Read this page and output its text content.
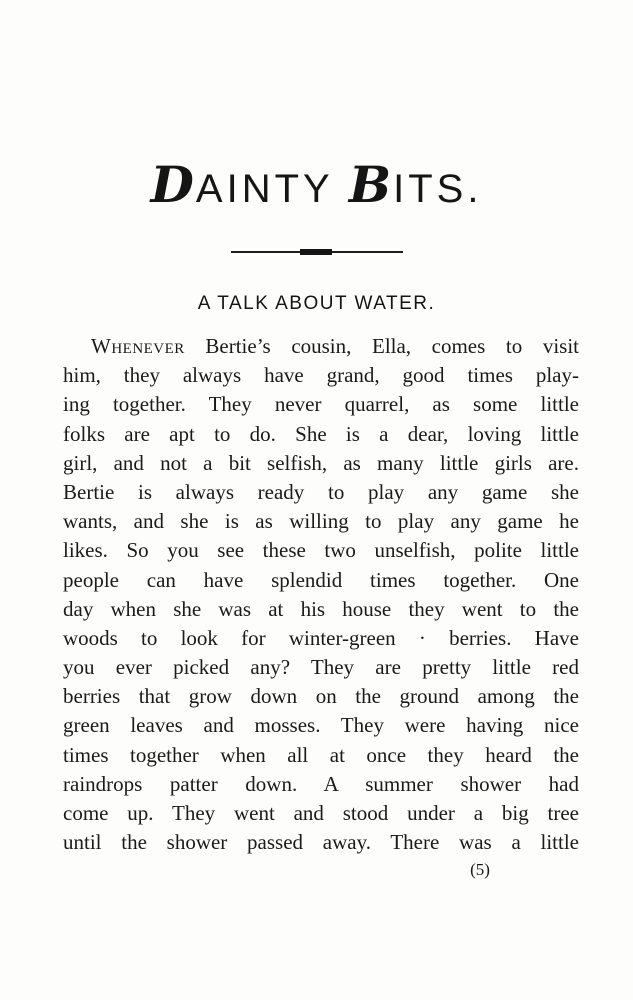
DAINTY BITS.
A TALK ABOUT WATER.
Whenever Bertie’s cousin, Ella, comes to visit
him, they always have grand, good times play-
ing together. They never quarrel, as some little
folks are apt to do. She is a dear, loving little
girl, and not a bit selfish, as many little girls are.
Bertie is always ready to play any game she
wants, and she is as willing to play any game he
likes. So you see these two unselfish, polite little
people can have splendid times together. One
day when she was at his house they went to the
woods to look for winter-green · berries. Have
you ever picked any? They are pretty little red
berries that grow down on the ground among the
green leaves and mosses. They were having nice
times together when all at once they heard the
raindrops patter down. A summer shower had
come up. They went and stood under a big tree
until the shower passed away. There was a little
(5)
